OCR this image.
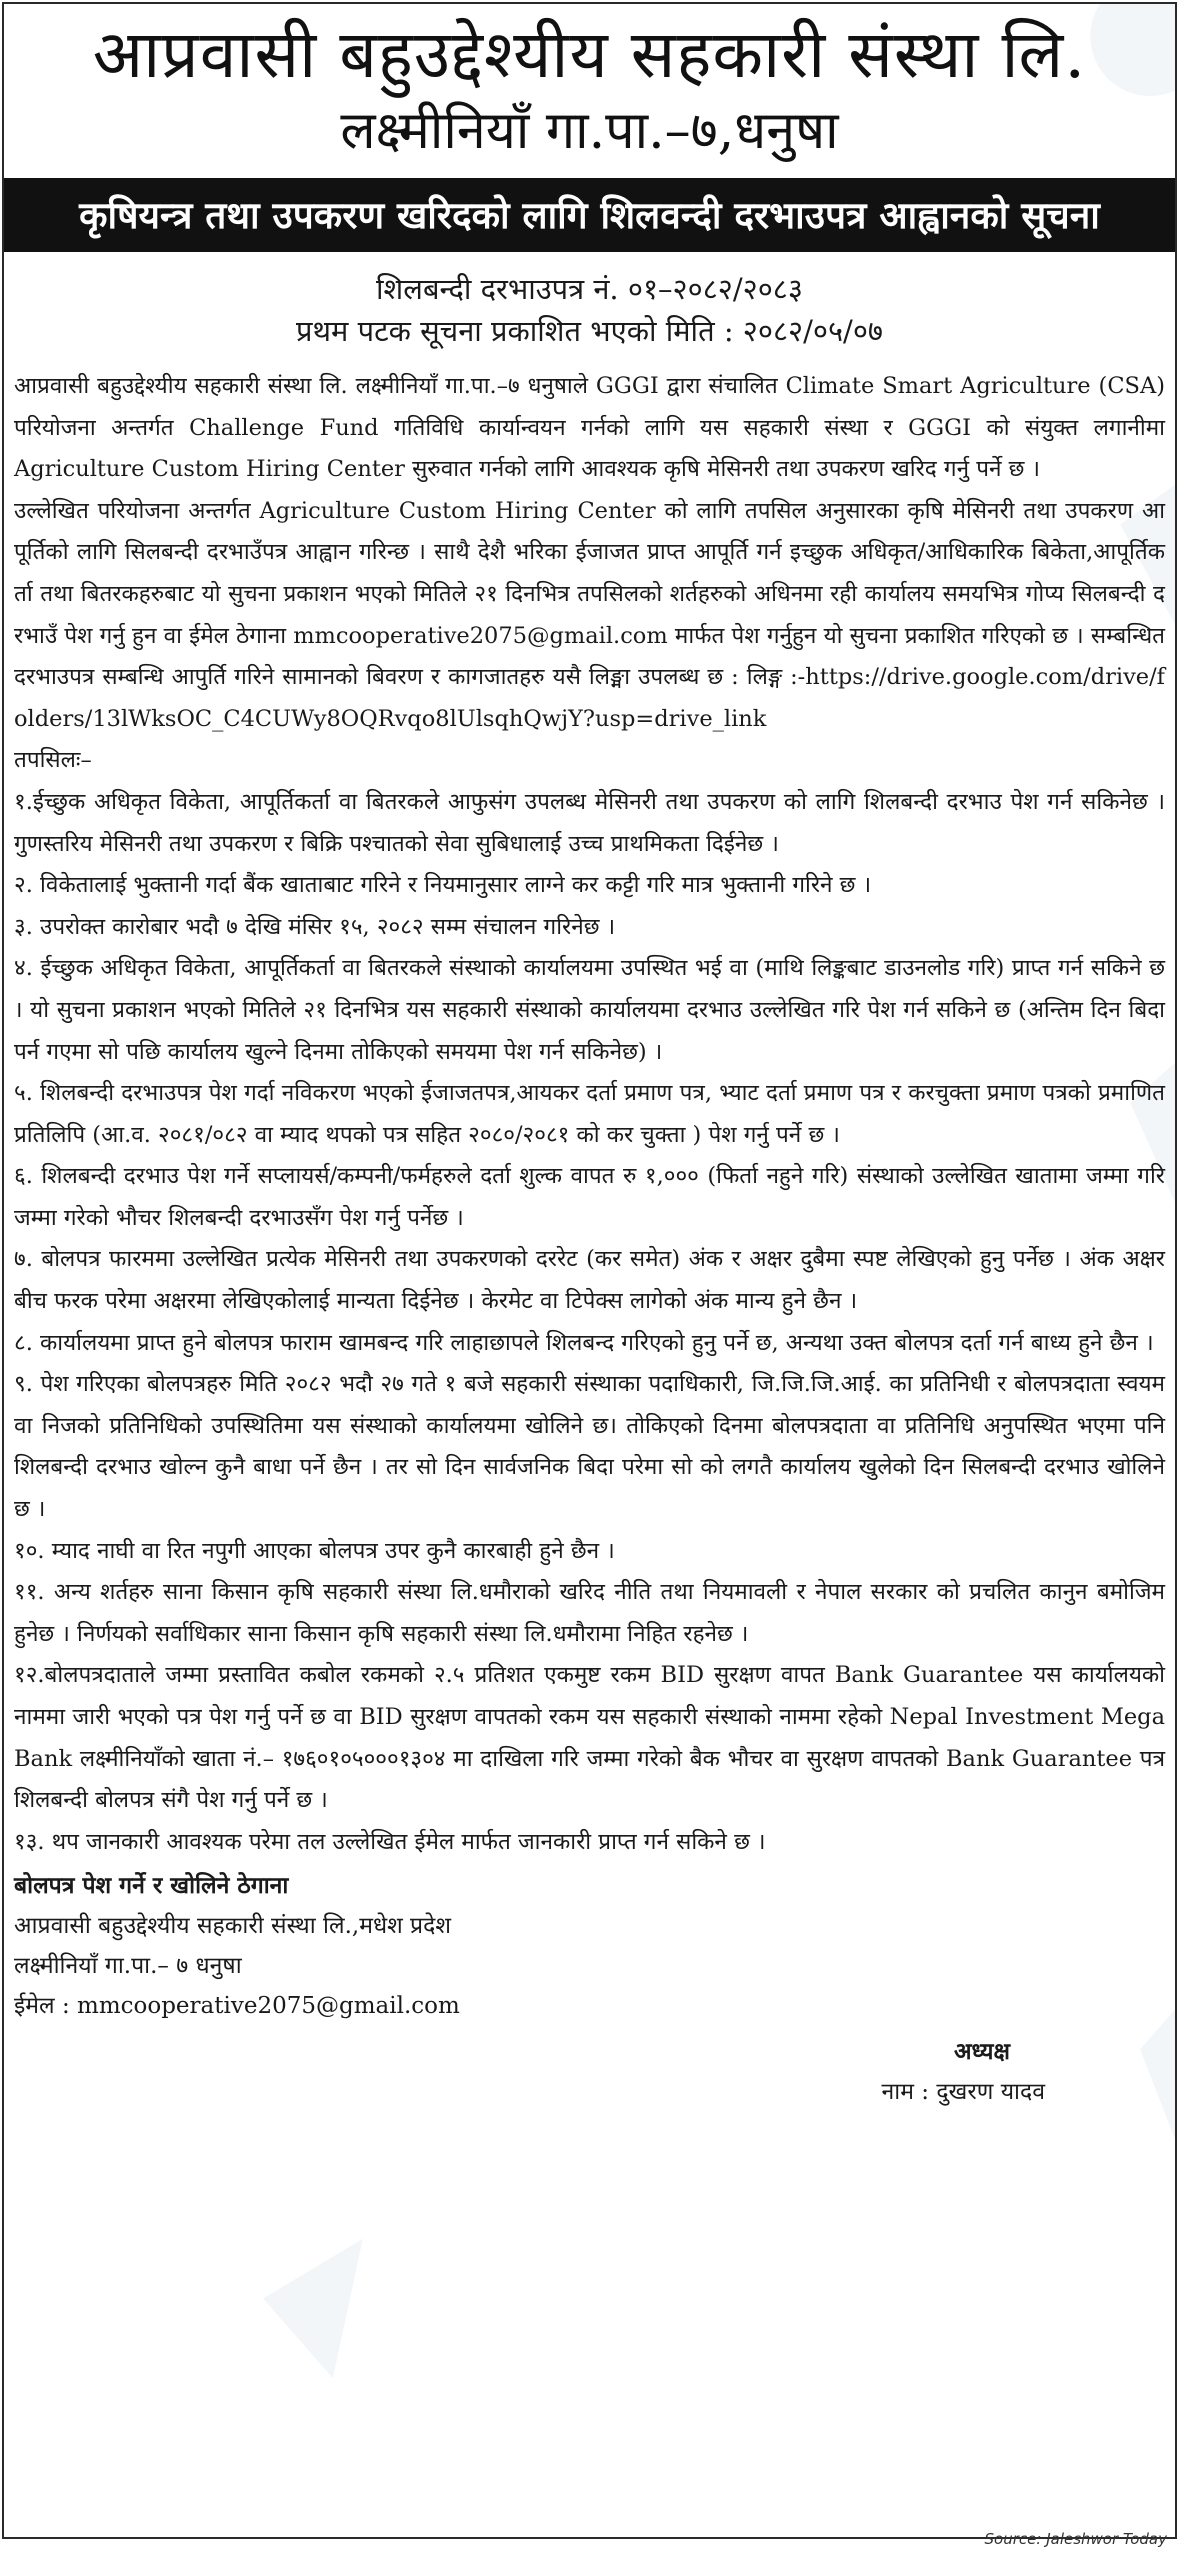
आप्रवासी बहुउद्देश्यीय सहकारी संस्था लि.
लक्ष्मीनियाँ गा.पा.–७,धनुषा
कृषियन्त्र तथा उपकरण खरिदको लागि शिलवन्दी दरभाउपत्र आह्वानको सूचना
शिलबन्दी दरभाउपत्र नं. ०१–२०८२/२०८३
प्रथम पटक सूचना प्रकाशित भएको मिति : २०८२/०५/०७

आप्रवासी बहुउद्देश्यीय सहकारी संस्था लि. लक्ष्मीनियाँ गा.पा.–७ धनुषाले GGGI द्वारा संचालित Climate Smart Agriculture (CSA) परियोजना अन्तर्गत Challenge Fund गतिविधि कार्यान्वयन गर्नको लागि यस सहकारी संस्था र GGGI को संयुक्त लगानीमा Agriculture Custom Hiring Center सुरुवात गर्नको लागि आवश्यक कृषि मेसिनरी तथा उपकरण खरिद गर्नु पर्ने छ ।

उल्लेखित परियोजना अन्तर्गत Agriculture Custom Hiring Center को लागि तपसिल अनुसारका कृषि मेसिनरी तथा उपकरण आपूर्तिको लागि सिलबन्दी दरभाउँपत्र आह्वान गरिन्छ । साथै देशै भरिका ईजाजत प्राप्त आपूर्ति गर्न इच्छुक अधिकृत/आधिकारिक बिकेता,आपूर्तिकर्ता तथा बितरकहरुबाट यो सुचना प्रकाशन भएको मितिले २१ दिनभित्र तपसिलको शर्तहरुको अधिनमा रही कार्यालय समयभित्र गोप्य सिलबन्दी दरभाउँ पेश गर्नु हुन वा ईमेल ठेगाना mmcooperative2075@gmail.com मार्फत पेश गर्नुहुन यो सुचना प्रकाशित गरिएको छ । सम्बन्धित दरभाउपत्र सम्बन्धि आपुर्ति गरिने सामानको बिवरण र कागजातहरु यसै लिङ्मा उपलब्ध छ : लिङ्ग :-https://drive.google.com/drive/folders/13lWksOC_C4CUWy8OQRvqo8lUlsqhQwjY?usp=drive_link

तपसिलः–

१.ईच्छुक अधिकृत विकेता, आपूर्तिकर्ता वा बितरकले आफुसंग उपलब्ध मेसिनरी तथा उपकरण को लागि शिलबन्दी दरभाउ पेश गर्न सकिनेछ । गुणस्तरिय मेसिनरी तथा उपकरण र बिक्रि पश्चातको सेवा सुबिधालाई उच्च प्राथमिकता दिईनेछ ।

२. विकेतालाई भुक्तानी गर्दा बैंक खाताबाट गरिने र नियमानुसार लाग्ने कर कट्टी गरि मात्र भुक्तानी गरिने छ ।

३. उपरोक्त कारोबार भदौ ७ देखि मंसिर १५, २०८२ सम्म संचालन गरिनेछ ।

४. ईच्छुक अधिकृत विकेता, आपूर्तिकर्ता वा बितरकले संस्थाको कार्यालयमा उपस्थित भई वा (माथि लिङ्कबाट डाउनलोड गरि) प्राप्त गर्न सकिने छ । यो सुचना प्रकाशन भएको मितिले २१ दिनभित्र यस सहकारी संस्थाको कार्यालयमा दरभाउ उल्लेखित गरि पेश गर्न सकिने छ (अन्तिम दिन बिदा पर्न गएमा सो पछि कार्यालय खुल्ने दिनमा तोकिएको समयमा पेश गर्न सकिनेछ) ।

५. शिलबन्दी दरभाउपत्र पेश गर्दा नविकरण भएको ईजाजतपत्र,आयकर दर्ता प्रमाण पत्र, भ्याट दर्ता प्रमाण पत्र र करचुक्ता प्रमाण पत्रको प्रमाणित प्रतिलिपि (आ.व. २०८१/०८२ वा म्याद थपको पत्र सहित २०८०/२०८१ को कर चुक्ता ) पेश गर्नु पर्ने छ ।

६. शिलबन्दी दरभाउ पेश गर्ने सप्लायर्स/कम्पनी/फर्महरुले दर्ता शुल्क वापत रु १,००० (फिर्ता नहुने गरि) संस्थाको उल्लेखित खातामा जम्मा गरि जम्मा गरेको भौचर शिलबन्दी दरभाउसँग पेश गर्नु पर्नेछ ।

७. बोलपत्र फारममा उल्लेखित प्रत्येक मेसिनरी तथा उपकरणको दररेट (कर समेत) अंक र अक्षर दुबैमा स्पष्ट लेखिएको हुनु पर्नेछ । अंक अक्षर बीच फरक परेमा अक्षरमा लेखिएकोलाई मान्यता दिईनेछ । केरमेट वा टिपेक्स लागेको अंक मान्य हुने छैन ।

८. कार्यालयमा प्राप्त हुने बोलपत्र फाराम खामबन्द गरि लाहाछापले शिलबन्द गरिएको हुनु पर्ने छ, अन्यथा उक्त बोलपत्र दर्ता गर्न बाध्य हुने छैन ।

९. पेश गरिएका बोलपत्रहरु मिति २०८२ भदौ २७ गते १ बजे सहकारी संस्थाका पदाधिकारी, जि.जि.जि.आई. का प्रतिनिधी र बोलपत्रदाता स्वयम वा निजको प्रतिनिधिको उपस्थितिमा यस संस्थाको कार्यालयमा खोलिने छ। तोकिएको दिनमा बोलपत्रदाता वा प्रतिनिधि अनुपस्थित भएमा पनि शिलबन्दी दरभाउ खोल्न कुनै बाधा पर्ने छैन । तर सो दिन सार्वजनिक बिदा परेमा सो को लगतै कार्यालय खुलेको दिन सिलबन्दी दरभाउ खोलिने छ ।

१०. म्याद नाघी वा रित नपुगी आएका बोलपत्र उपर कुनै कारबाही हुने छैन ।

११. अन्य शर्तहरु साना किसान कृषि सहकारी संस्था लि.धमौराको खरिद नीति तथा नियमावली र नेपाल सरकार को प्रचलित कानुन बमोजिम हुनेछ । निर्णयको सर्वाधिकार साना किसान कृषि सहकारी संस्था लि.धमौरामा निहित रहनेछ ।

१२.बोलपत्रदाताले जम्मा प्रस्तावित कबोल रकमको २.५ प्रतिशत एकमुष्ट रकम BID सुरक्षण वापत Bank Guarantee यस कार्यालयको नाममा जारी भएको पत्र पेश गर्नु पर्ने छ वा BID सुरक्षण वापतको रकम यस सहकारी संस्थाको नाममा रहेको Nepal Investment Mega Bank लक्ष्मीनियाँको खाता नं.– १७६०१०५०००१३०४ मा दाखिला गरि जम्मा गरेको बैक भौचर वा सुरक्षण वापतको Bank Guarantee पत्र शिलबन्दी बोलपत्र संगै पेश गर्नु पर्ने छ ।

१३. थप जानकारी आवश्यक परेमा तल उल्लेखित ईमेल मार्फत जानकारी प्राप्त गर्न सकिने छ ।

बोलपत्र पेश गर्ने र खोलिने ठेगाना
आप्रवासी बहुउद्देश्यीय सहकारी संस्था लि.,मधेश प्रदेश
लक्ष्मीनियाँ गा.पा.– ७ धनुषा
ईमेल : mmcooperative2075@gmail.com
अध्यक्ष
नाम : दुखरण यादव
Source: Jaleshwor Today
